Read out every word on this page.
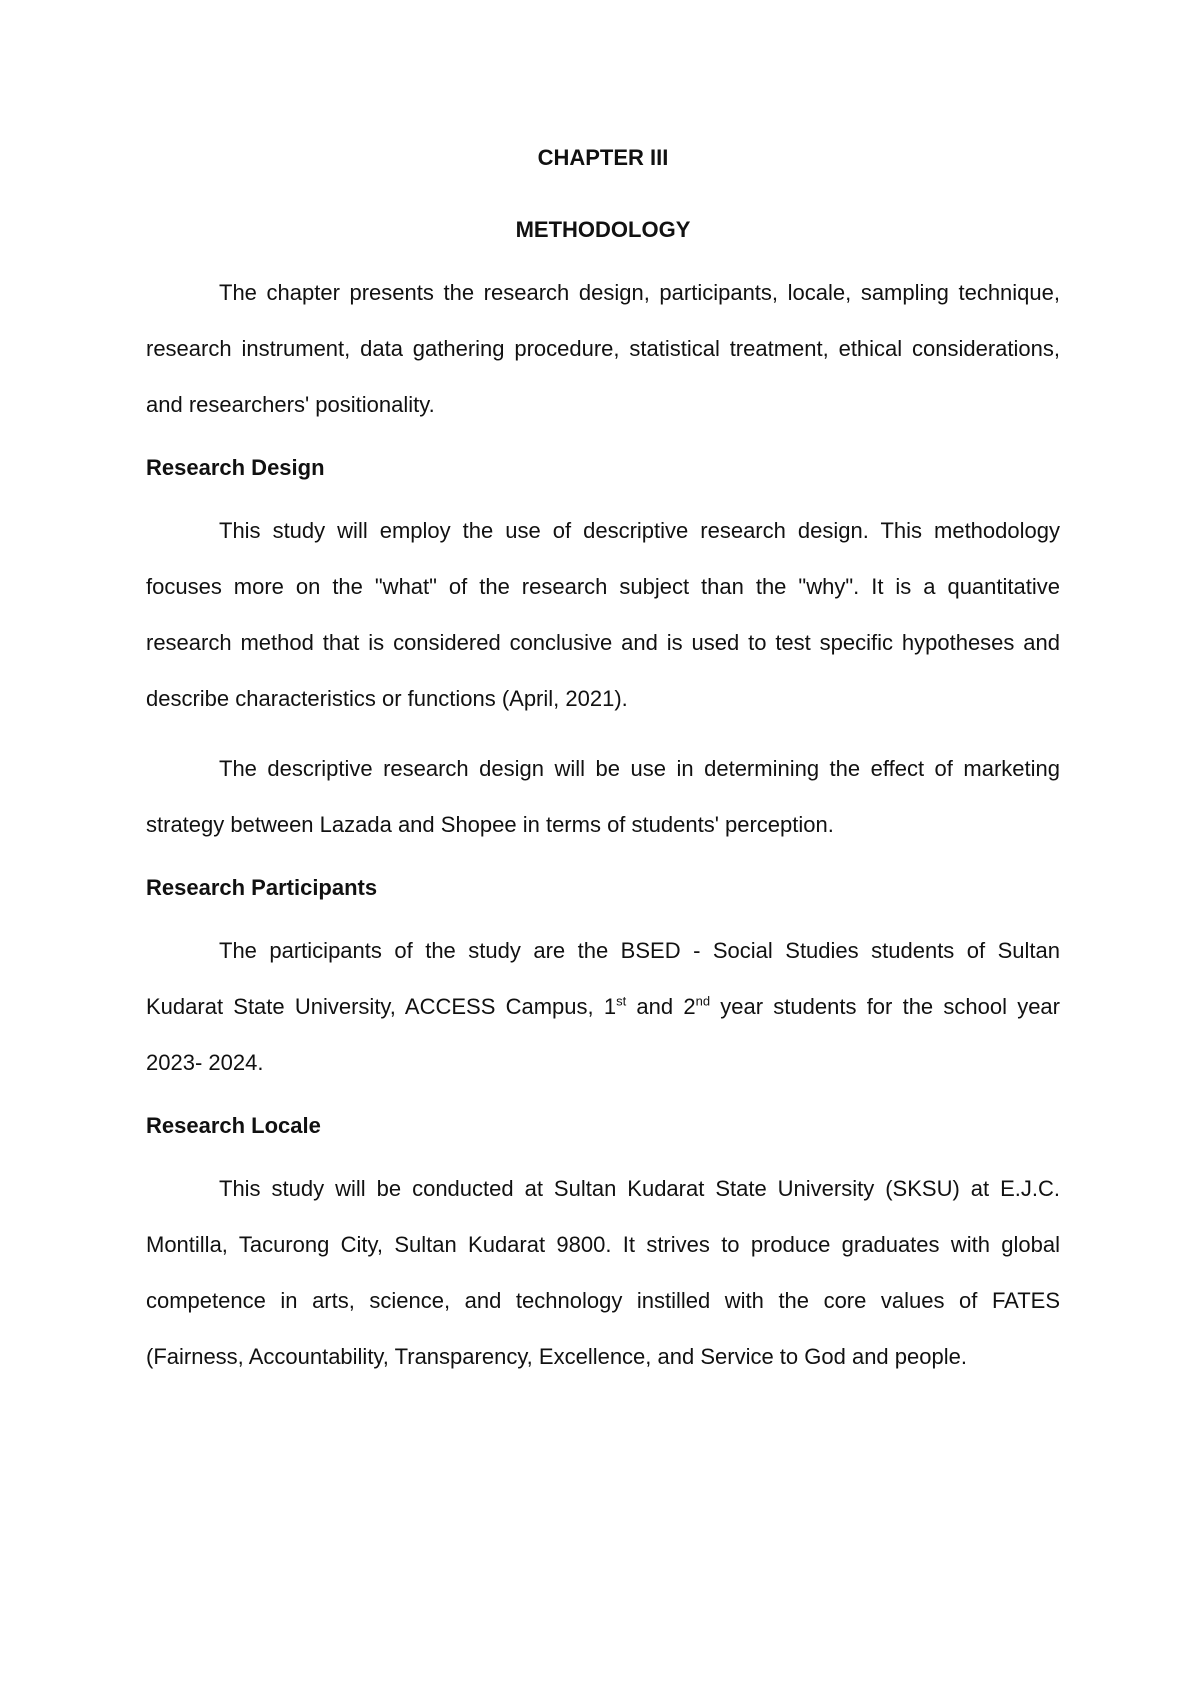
CHAPTER III

METHODOLOGY

The chapter presents the research design, participants, locale, sampling technique, research instrument, data gathering procedure, statistical treatment, ethical considerations, and researchers' positionality.

Research Design

This study will employ the use of descriptive research design. This methodology focuses more on the "what" of the research subject than the "why". It is a quantitative research method that is considered conclusive and is used to test specific hypotheses and describe characteristics or functions (April, 2021).

The descriptive research design will be use in determining the effect of marketing strategy between Lazada and Shopee in terms of students' perception.

Research Participants

The participants of the study are the BSED - Social Studies students of Sultan Kudarat State University, ACCESS Campus, 1st and 2nd year students for the school year 2023- 2024.

Research Locale

This study will be conducted at Sultan Kudarat State University (SKSU) at E.J.C. Montilla, Tacurong City, Sultan Kudarat 9800. It strives to produce graduates with global competence in arts, science, and technology instilled with the core values of FATES (Fairness, Accountability, Transparency, Excellence, and Service to God and people.
